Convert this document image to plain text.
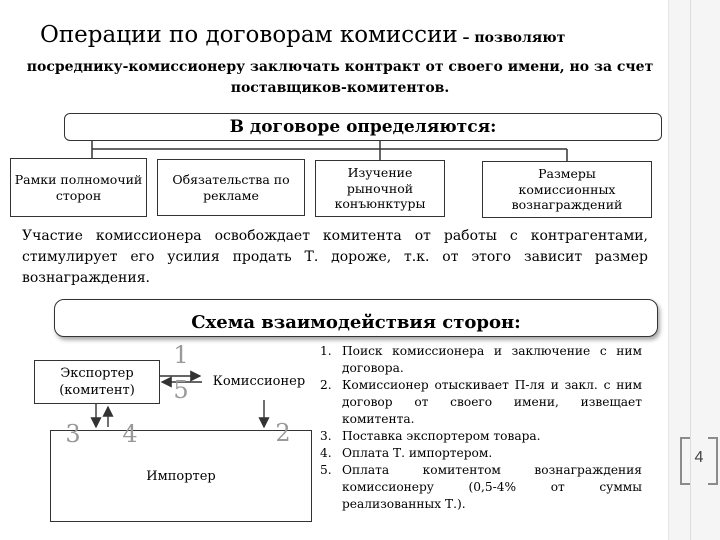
4
Операции по договорам комиссии – позволяют
посреднику-комиссионеру заключать контракт от своего имени, но за счет поставщиков-комитентов.
В договоре определяются:
Рамки полномочий сторон
Обязательства по рекламе
Изучение рыночной конъюнктуры
Размеры комиссионных вознаграждений
Участие комиссионера освобождает комитента от работы с контрагентами, стимулирует его усилия продать Т. дороже, т.к. от этого зависит размер вознаграждения.
Схема взаимодействия сторон:
Экспортер (комитент)
Комиссионер
Импортер
1
5
3 4	2
1. Поиск комиссионера и заключение с ним договора.
2. Комиссионер отыскивает П-ля и закл. с ним договор от своего имени, извещает комитента.
3. Поставка экспортером товара.
4. Оплата Т. импортером.
5. Оплата комитентом вознаграждения комиссионеру (0,5-4% от суммы реализованных Т.).
